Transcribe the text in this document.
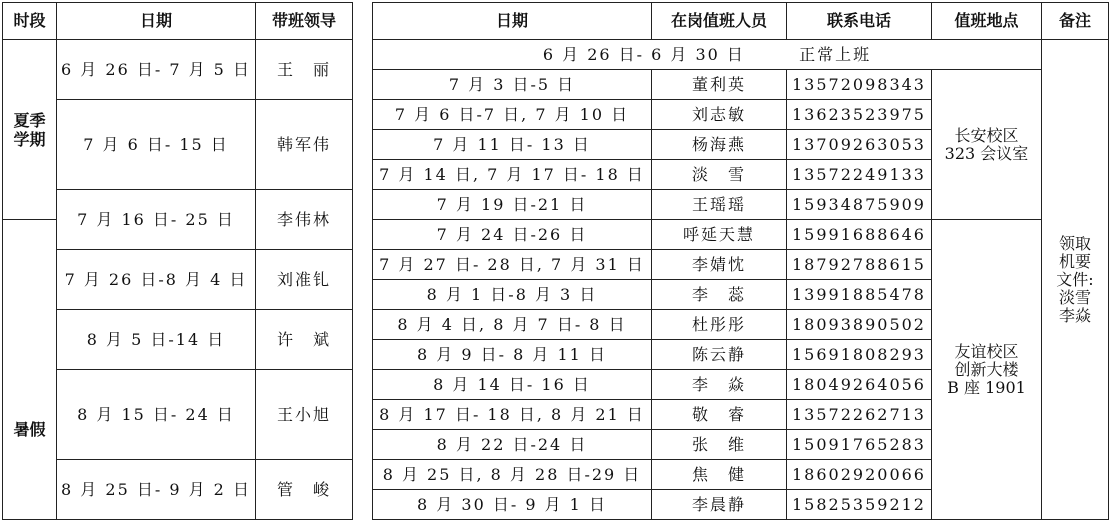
时段	日期	带班领导
夏季学期	6 月 26 日- 7 月 5 日	王　丽
	7 月 6 日- 15 日	韩军伟
	7 月 16 日- 25 日	李伟林
暑假		
	7 月 26 日-8 月 4 日	刘准钆
	8 月 5 日-14 日	许　斌
	8 月 15 日- 24 日	王小旭
	8 月 25 日- 9 月 2 日	管　峻
日期	在岗值班人员	联系电话	值班地点	备注
6 月 26 日- 6 月 30 日 正常上班				领取机要文件:淡雪李焱
7 月 3 日-5 日	董利英	13572098343	长安校区
323 会议室	

7 月 6 日-7 日, 7 月 10 日	刘志敏	13623523975		
7 月 11 日- 13 日	杨海燕	13709263053		
7 月 14 日, 7 月 17 日- 18 日	淡　雪	13572249133		
7 月 19 日-21 日	王瑶瑶	15934875909		
7 月 24 日-26 日	呼延天慧	15991688646	友谊校区
创新大楼
B 座 1901	

7 月 27 日- 28 日, 7 月 31 日	李婧忱	18792788615		
8 月 1 日-8 月 3 日	李　蕊	13991885478		
8 月 4 日, 8 月 7 日- 8 日	杜彤彤	18093890502		
8 月 9 日- 8 月 11 日	陈云静	15691808293		
8 月 14 日- 16 日	李　焱	18049264056		
8 月 17 日- 18 日, 8 月 21 日	敬　睿	13572262713		
8 月 22 日-24 日	张　维	15091765283		
8 月 25 日, 8 月 28 日-29 日	焦　健	18602920066		
8 月 30 日- 9 月 1 日	李晨静	15825359212		
